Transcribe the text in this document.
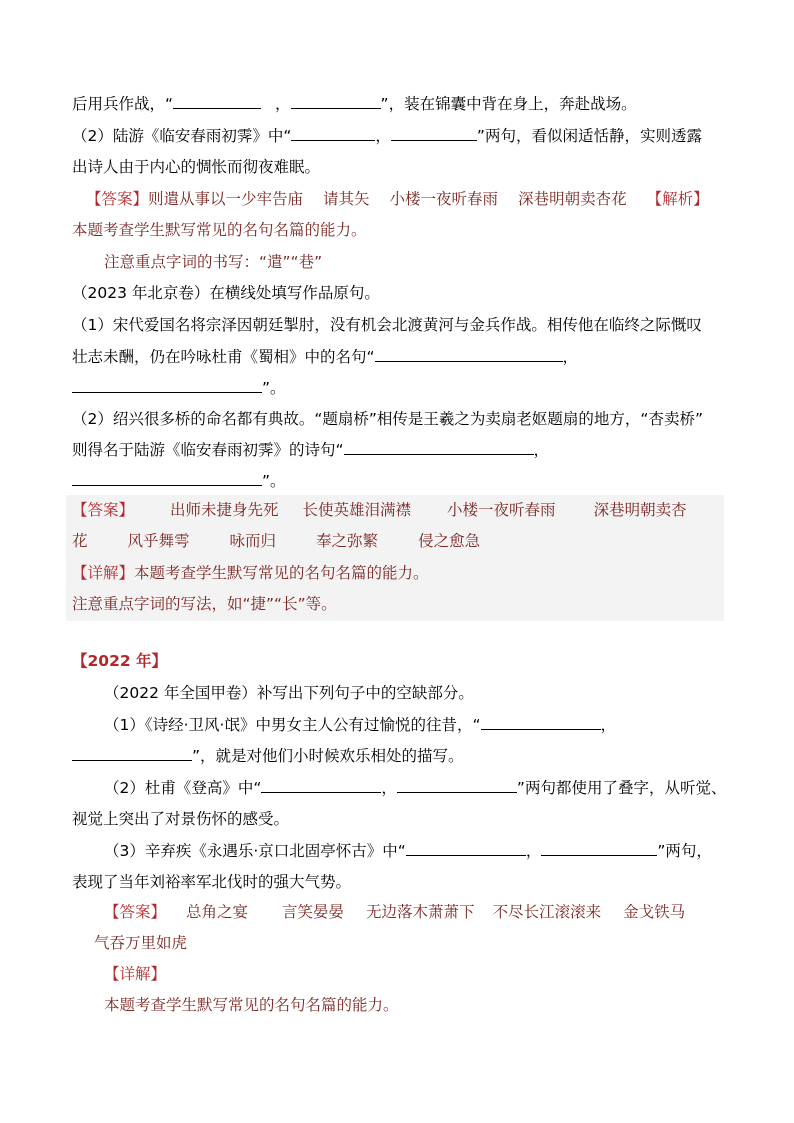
后用兵作战，“	，	”，装在锦囊中背在身上，奔赴战场。
（2）陆游《临安春雨初霁》中“	，	”两句，看似闲适恬静，实则透露
出诗人由于内心的惆怅而彻夜难眠。
【答案】则遣从事以一少牢告庙 请其矢 小楼一夜听春雨 深巷明朝卖杏花 【解析】
本题考查学生默写常见的名句名篇的能力。
注意重点字词的书写：“遣”“巷”
（2023 年北京卷）在横线处填写作品原句。
（1）宋代爱国名将宗泽因朝廷掣肘，没有机会北渡黄河与金兵作战。相传他在临终之际慨叹
壮志未酬，仍在吟咏杜甫《蜀相》中的名句“	，
”。
（2）绍兴很多桥的命名都有典故。“题扇桥”相传是王羲之为卖扇老妪题扇的地方，“杏卖桥”
则得名于陆游《临安春雨初霁》的诗句“	，
”。
【答案】 出师未捷身先死 长使英雄泪满襟 小楼一夜听春雨 深巷明朝卖杏
花	风乎舞雩	咏而归	奉之弥繁	侵之愈急
【详解】本题考查学生默写常见的名句名篇的能力。
注意重点字词的写法，如“捷”“长”等。
【2022 年】
（2022 年全国甲卷）补写出下列句子中的空缺部分。
（1）《诗经·卫风·氓》中男女主人公有过愉悦的往昔，“	，
”，就是对他们小时候欢乐相处的描写。
（2）杜甫《登高》中“	，	”两句都使用了叠字，从听觉、
视觉上突出了对景伤怀的感受。
（3）辛弃疾《永遇乐·京口北固亭怀古》中“	，	”两句，
表现了当年刘裕率军北伐时的强大气势。
【答案】 总角之宴 言笑晏晏 无边落木萧萧下 不尽长江滚滚来 金戈铁马
气吞万里如虎
【详解】
本题考查学生默写常见的名句名篇的能力。
